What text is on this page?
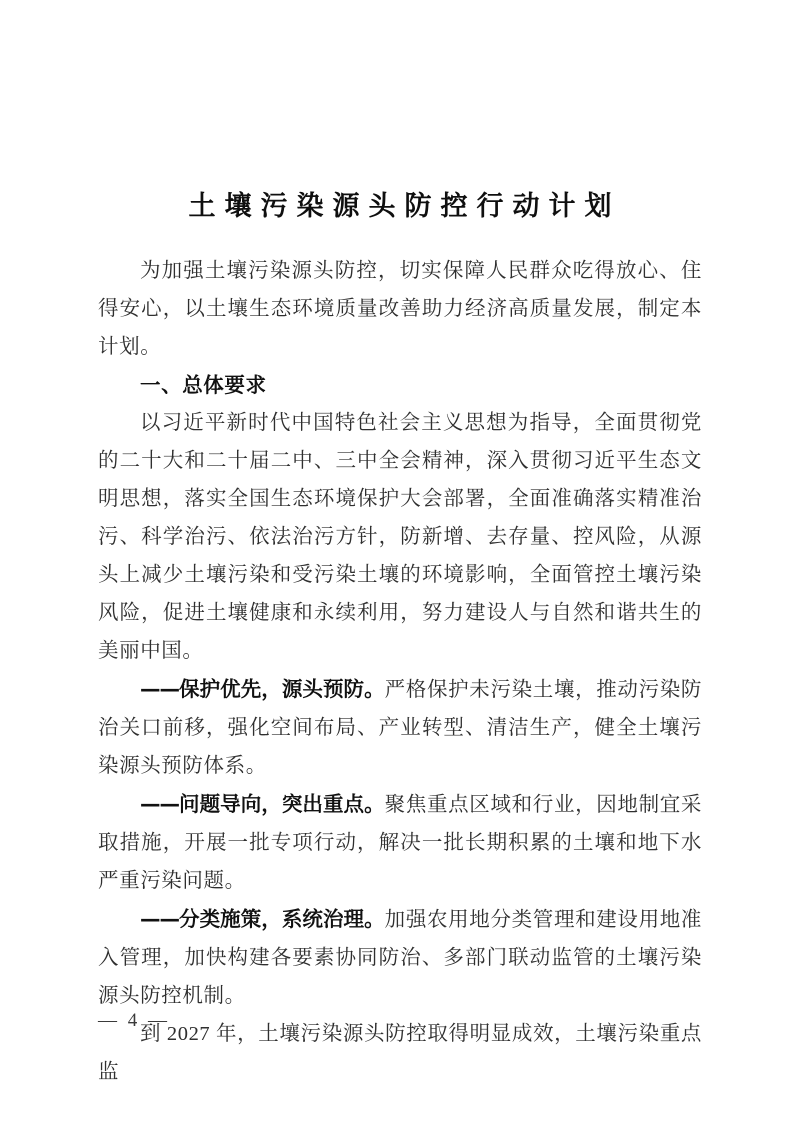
土壤污染源头防控行动计划

为加强土壤污染源头防控，切实保障人民群众吃得放心、住得安心，以土壤生态环境质量改善助力经济高质量发展，制定本计划。

一、总体要求

以习近平新时代中国特色社会主义思想为指导，全面贯彻党的二十大和二十届二中、三中全会精神，深入贯彻习近平生态文明思想，落实全国生态环境保护大会部署，全面准确落实精准治污、科学治污、依法治污方针，防新增、去存量、控风险，从源头上减少土壤污染和受污染土壤的环境影响，全面管控土壤污染风险，促进土壤健康和永续利用，努力建设人与自然和谐共生的美丽中国。

——保护优先，源头预防。严格保护未污染土壤，推动污染防治关口前移，强化空间布局、产业转型、清洁生产，健全土壤污染源头预防体系。

——问题导向，突出重点。聚焦重点区域和行业，因地制宜采取措施，开展一批专项行动，解决一批长期积累的土壤和地下水严重污染问题。

——分类施策，系统治理。加强农用地分类管理和建设用地准入管理，加快构建各要素协同防治、多部门联动监管的土壤污染源头防控机制。

到 2027 年，土壤污染源头防控取得明显成效，土壤污染重点监

— 4 —
